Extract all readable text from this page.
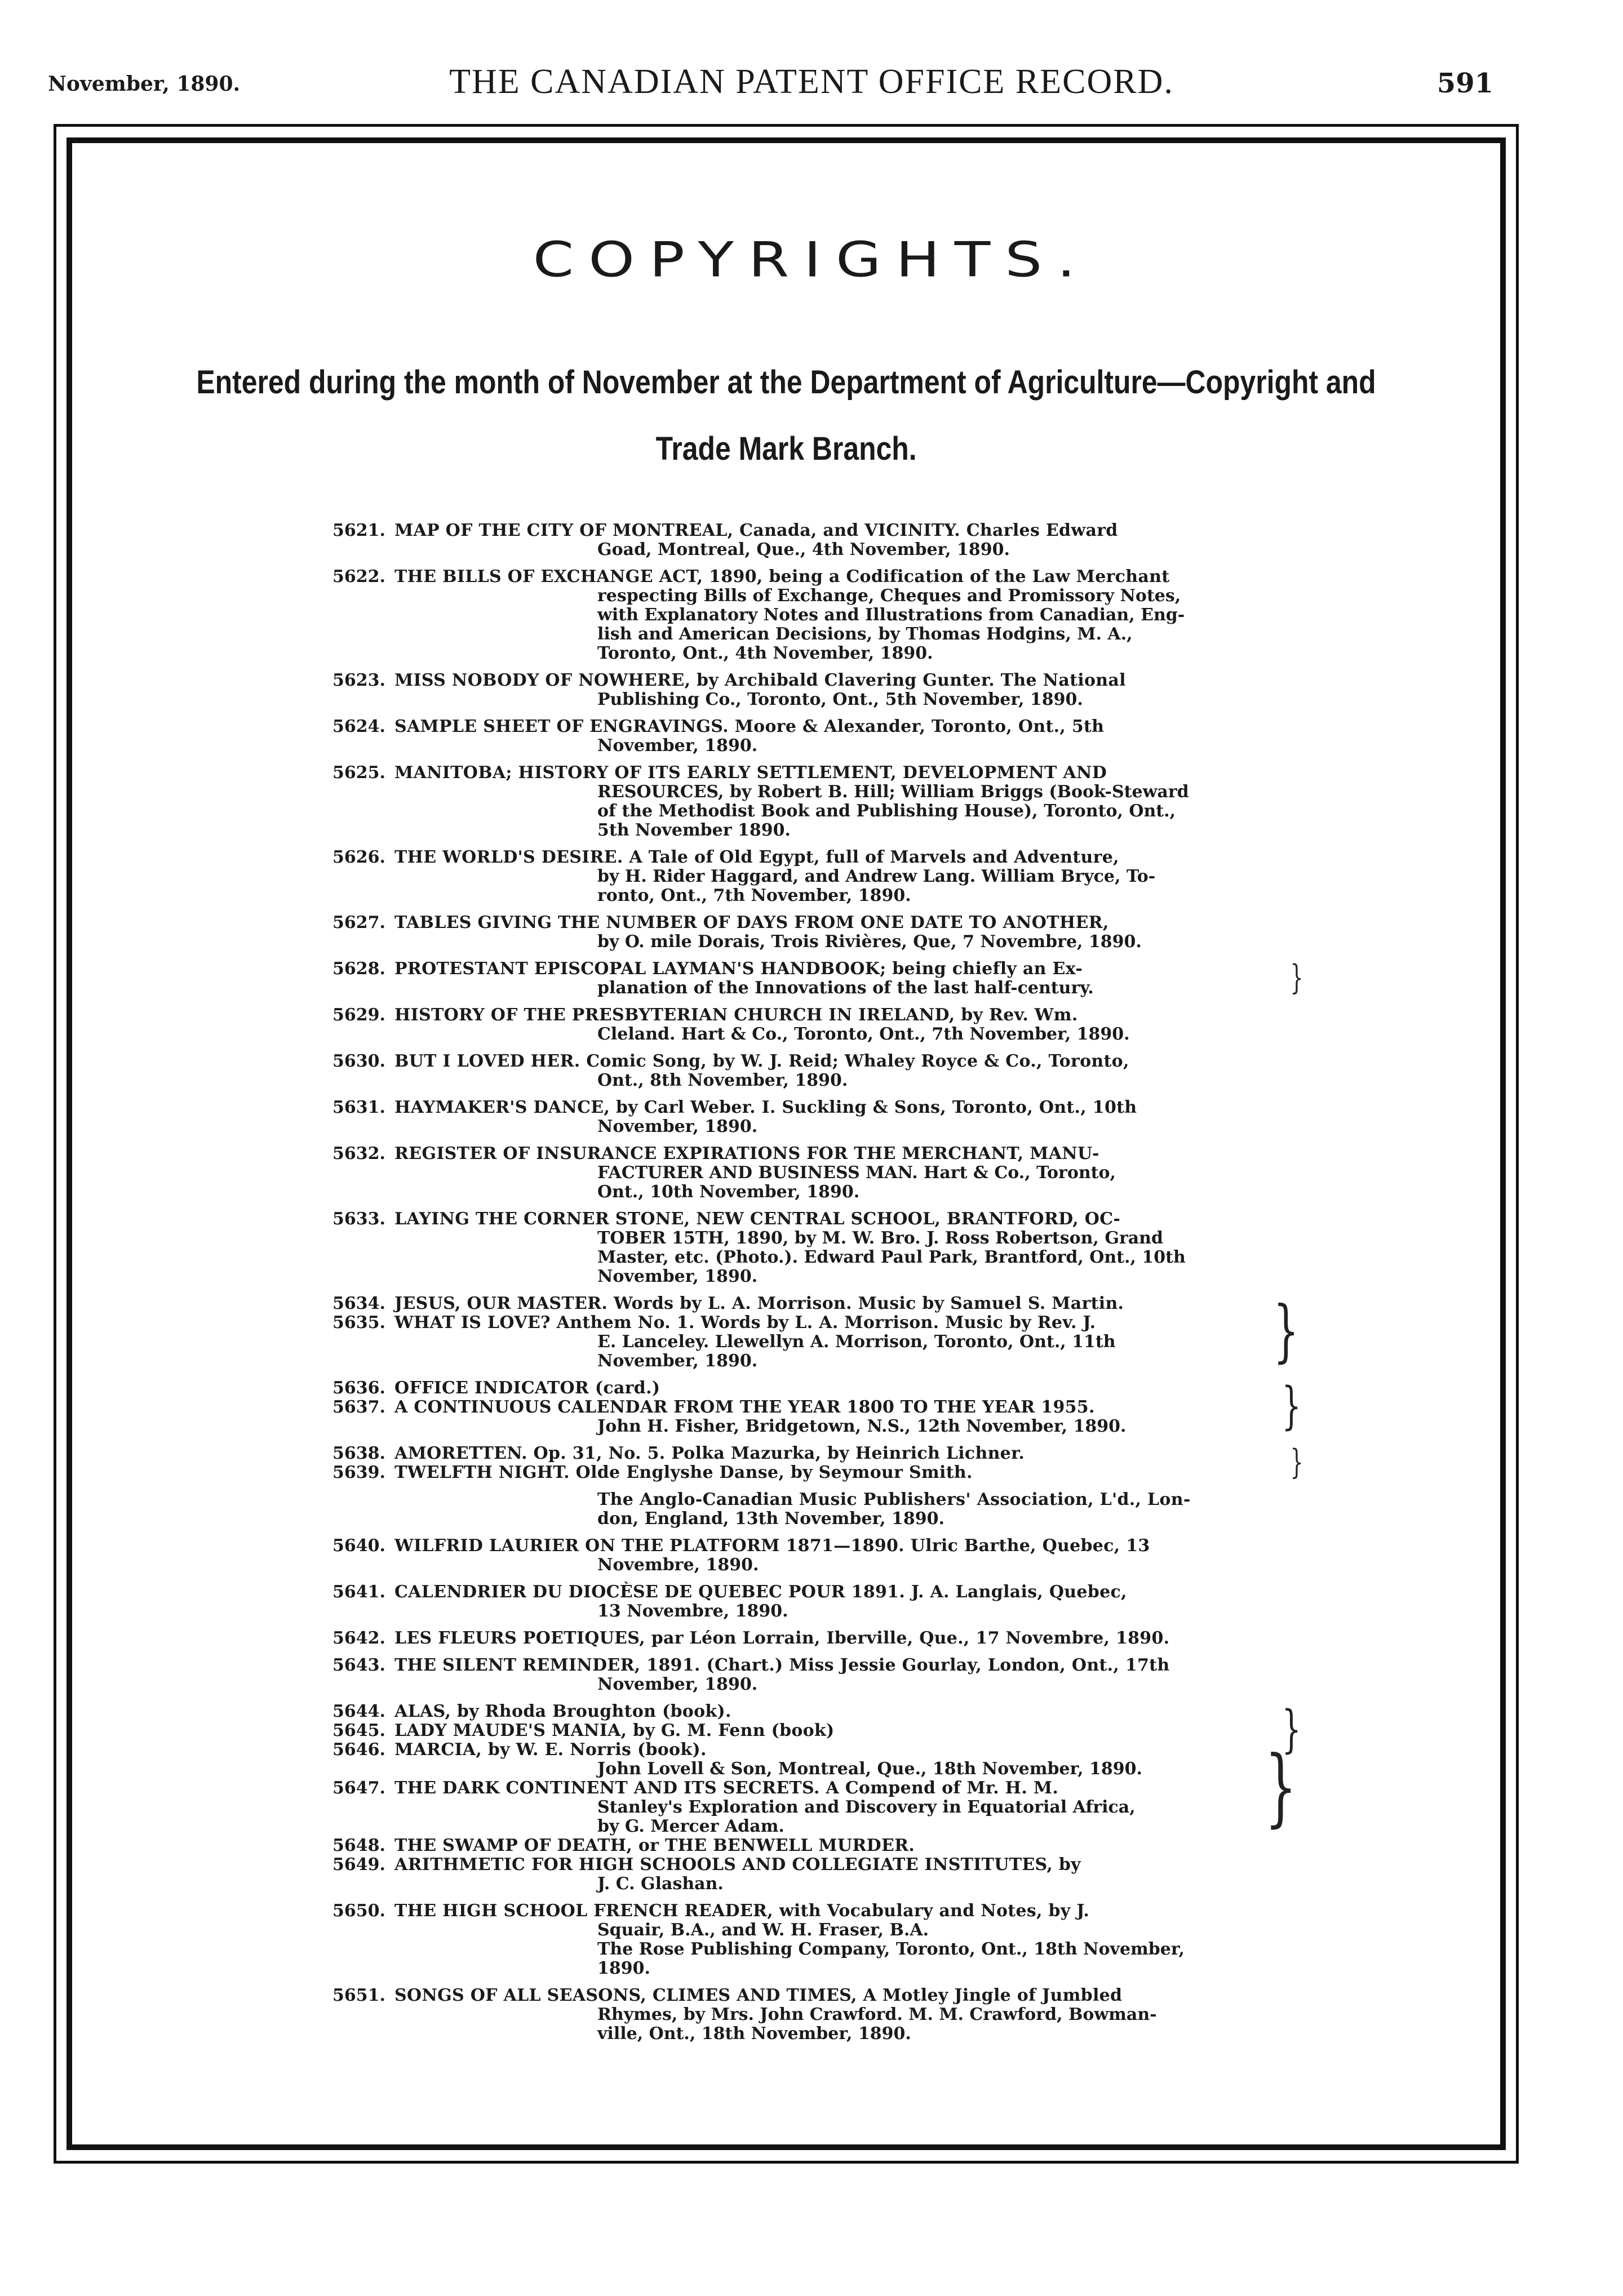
November, 1890.	THE CANADIAN PATENT OFFICE RECORD.	591
COPYRIGHTS.
Entered during the month of November at the Department of Agriculture—Copyright and
Trade Mark Branch.
5621. MAP OF THE CITY OF MONTREAL, Canada, and VICINITY. Charles Edward
Goad, Montreal, Que., 4th November, 1890.
5622. THE BILLS OF EXCHANGE ACT, 1890, being a Codification of the Law Merchant
respecting Bills of Exchange, Cheques and Promissory Notes,
with Explanatory Notes and Illustrations from Canadian, Eng-
lish and American Decisions, by Thomas Hodgins, M. A.,
Toronto, Ont., 4th November, 1890.
5623. MISS NOBODY OF NOWHERE, by Archibald Clavering Gunter. The National
Publishing Co., Toronto, Ont., 5th November, 1890.
5624. SAMPLE SHEET OF ENGRAVINGS. Moore & Alexander, Toronto, Ont., 5th
November, 1890.
5625. MANITOBA; HISTORY OF ITS EARLY SETTLEMENT, DEVELOPMENT AND
RESOURCES, by Robert B. Hill; William Briggs (Book-Steward
of the Methodist Book and Publishing House), Toronto, Ont.,
5th November 1890.
5626. THE WORLD'S DESIRE. A Tale of Old Egypt, full of Marvels and Adventure,
by H. Rider Haggard, and Andrew Lang. William Bryce, To-
ronto, Ont., 7th November, 1890.
5627. TABLES GIVING THE NUMBER OF DAYS FROM ONE DATE TO ANOTHER,
by O. mile Dorais, Trois Rivières, Que, 7 Novembre, 1890.
5628. PROTESTANT EPISCOPAL LAYMAN'S HANDBOOK; being chiefly an Ex-
planation of the Innovations of the last half-century.	}
5629. HISTORY OF THE PRESBYTERIAN CHURCH IN IRELAND, by Rev. Wm.
Cleland. Hart & Co., Toronto, Ont., 7th November, 1890.
5630. BUT I LOVED HER. Comic Song, by W. J. Reid; Whaley Royce & Co., Toronto,
Ont., 8th November, 1890.
5631. HAYMAKER'S DANCE, by Carl Weber. I. Suckling & Sons, Toronto, Ont., 10th
November, 1890.
5632. REGISTER OF INSURANCE EXPIRATIONS FOR THE MERCHANT, MANU-
FACTURER AND BUSINESS MAN. Hart & Co., Toronto,
Ont., 10th November, 1890.
5633. LAYING THE CORNER STONE, NEW CENTRAL SCHOOL, BRANTFORD, OC-
TOBER 15TH, 1890, by M. W. Bro. J. Ross Robertson, Grand
Master, etc. (Photo.). Edward Paul Park, Brantford, Ont., 10th
November, 1890.
5634. JESUS, OUR MASTER. Words by L. A. Morrison. Music by Samuel S. Martin.	}
5635. WHAT IS LOVE? Anthem No. 1. Words by L. A. Morrison. Music by Rev. J.
E. Lanceley. Llewellyn A. Morrison, Toronto, Ont., 11th
November, 1890.
5636. OFFICE INDICATOR (card.)	}
5637. A CONTINUOUS CALENDAR FROM THE YEAR 1800 TO THE YEAR 1955.
John H. Fisher, Bridgetown, N.S., 12th November, 1890.
5638. AMORETTEN. Op. 31, No. 5. Polka Mazurka, by Heinrich Lichner.	}
5639. TWELFTH NIGHT. Olde Englyshe Danse, by Seymour Smith.
The Anglo-Canadian Music Publishers' Association, L'd., Lon-
don, England, 13th November, 1890.
5640. WILFRID LAURIER ON THE PLATFORM 1871—1890. Ulric Barthe, Quebec, 13
Novembre, 1890.
5641. CALENDRIER DU DIOCÈSE DE QUEBEC POUR 1891. J. A. Langlais, Quebec,
13 Novembre, 1890.
5642. LES FLEURS POETIQUES, par Léon Lorrain, Iberville, Que., 17 Novembre, 1890.
5643. THE SILENT REMINDER, 1891. (Chart.) Miss Jessie Gourlay, London, Ont., 17th
November, 1890.
5644. ALAS, by Rhoda Broughton (book).	}
5645. LADY MAUDE'S MANIA, by G. M. Fenn (book)
5646. MARCIA, by W. E. Norris (book).
John Lovell & Son, Montreal, Que., 18th November, 1890.	}
5647. THE DARK CONTINENT AND ITS SECRETS. A Compend of Mr. H. M.
Stanley's Exploration and Discovery in Equatorial Africa,
by G. Mercer Adam.
5648. THE SWAMP OF DEATH, or THE BENWELL MURDER.
5649. ARITHMETIC FOR HIGH SCHOOLS AND COLLEGIATE INSTITUTES, by
J. C. Glashan.
5650. THE HIGH SCHOOL FRENCH READER, with Vocabulary and Notes, by J.
Squair, B.A., and W. H. Fraser, B.A.
The Rose Publishing Company, Toronto, Ont., 18th November,
1890.
5651. SONGS OF ALL SEASONS, CLIMES AND TIMES, A Motley Jingle of Jumbled
Rhymes, by Mrs. John Crawford. M. M. Crawford, Bowman-
ville, Ont., 18th November, 1890.
